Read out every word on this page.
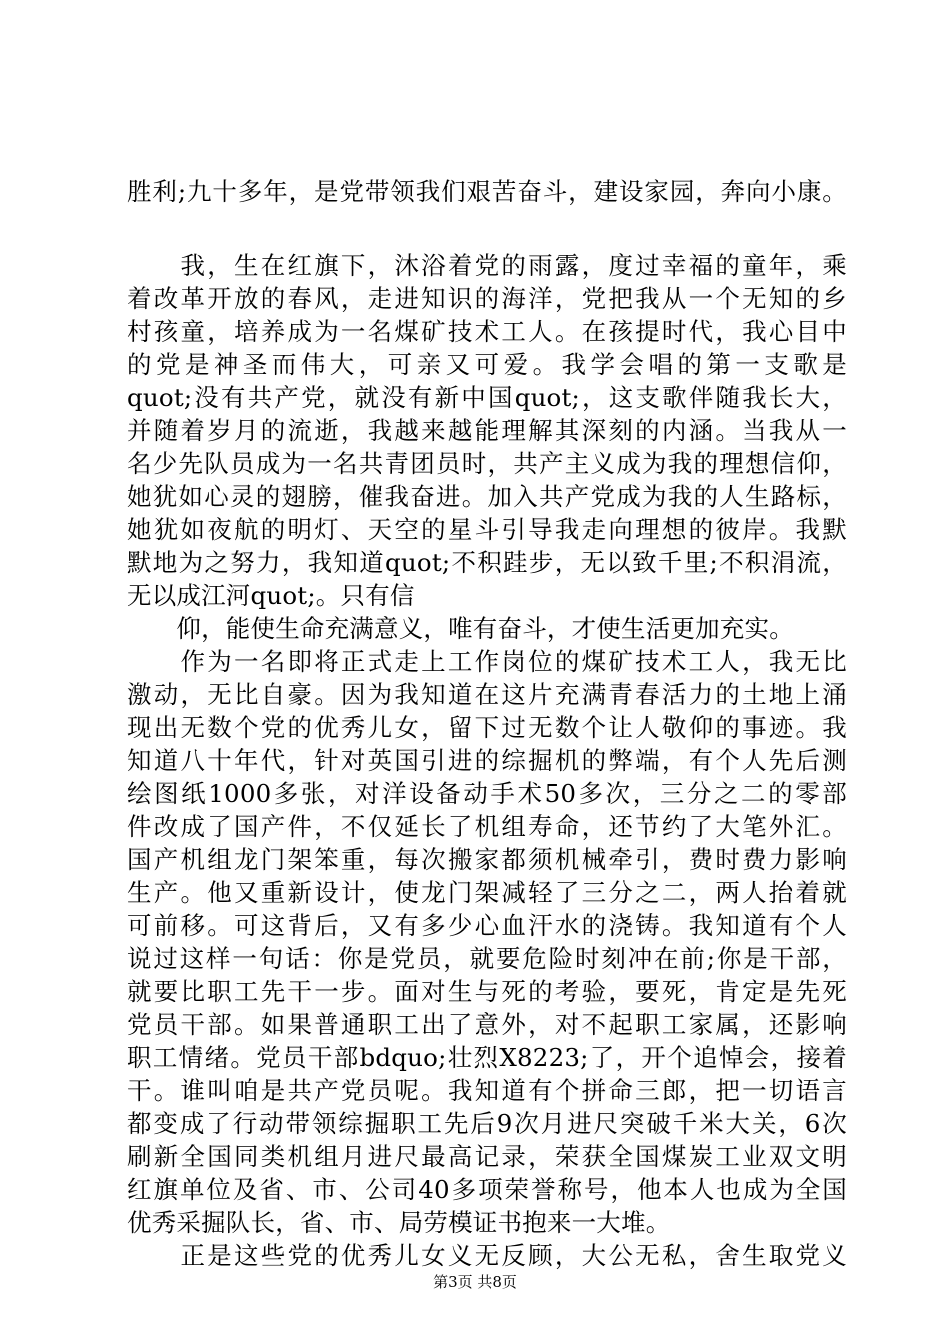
胜利;九十多年，是党带领我们艰苦奋斗，建设家园，奔向小康。
　　我，生在红旗下，沐浴着党的雨露，度过幸福的童年，乘
着改革开放的春风，走进知识的海洋，党把我从一个无知的乡
村孩童，培养成为一名煤矿技术工人。在孩提时代，我心目中
的党是神圣而伟大，可亲又可爱。我学会唱的第一支歌是
quot;没有共产党，就没有新中国quot;，这支歌伴随我长大，
并随着岁月的流逝，我越来越能理解其深刻的内涵。当我从一
名少先队员成为一名共青团员时，共产主义成为我的理想信仰，
她犹如心灵的翅膀，催我奋进。加入共产党成为我的人生路标，
她犹如夜航的明灯、天空的星斗引导我走向理想的彼岸。我默
默地为之努力，我知道quot;不积跬步，无以致千里;不积涓流，
无以成江河quot;。只有信
　　仰，能使生命充满意义，唯有奋斗，才使生活更加充实。
　　作为一名即将正式走上工作岗位的煤矿技术工人，我无比
激动，无比自豪。因为我知道在这片充满青春活力的土地上涌
现出无数个党的优秀儿女，留下过无数个让人敬仰的事迹。我
知道八十年代，针对英国引进的综掘机的弊端，有个人先后测
绘图纸1000多张，对洋设备动手术50多次，三分之二的零部
件改成了国产件，不仅延长了机组寿命，还节约了大笔外汇。
国产机组龙门架笨重，每次搬家都须机械牵引，费时费力影响
生产。他又重新设计，使龙门架减轻了三分之二，两人抬着就
可前移。可这背后，又有多少心血汗水的浇铸。我知道有个人
说过这样一句话：你是党员，就要危险时刻冲在前;你是干部，
就要比职工先干一步。面对生与死的考验，要死，肯定是先死
党员干部。如果普通职工出了意外，对不起职工家属，还影响
职工情绪。党员干部bdquo;壮烈X8223;了，开个追悼会，接着
干。谁叫咱是共产党员呢。我知道有个拼命三郎，把一切语言
都变成了行动带领综掘职工先后9次月进尺突破千米大关，6次
刷新全国同类机组月进尺最高记录，荣获全国煤炭工业双文明
红旗单位及省、市、公司40多项荣誉称号，他本人也成为全国
优秀采掘队长，省、市、局劳模证书抱来一大堆。
　　正是这些党的优秀儿女义无反顾，大公无私，舍生取党义
第3页 共8页
